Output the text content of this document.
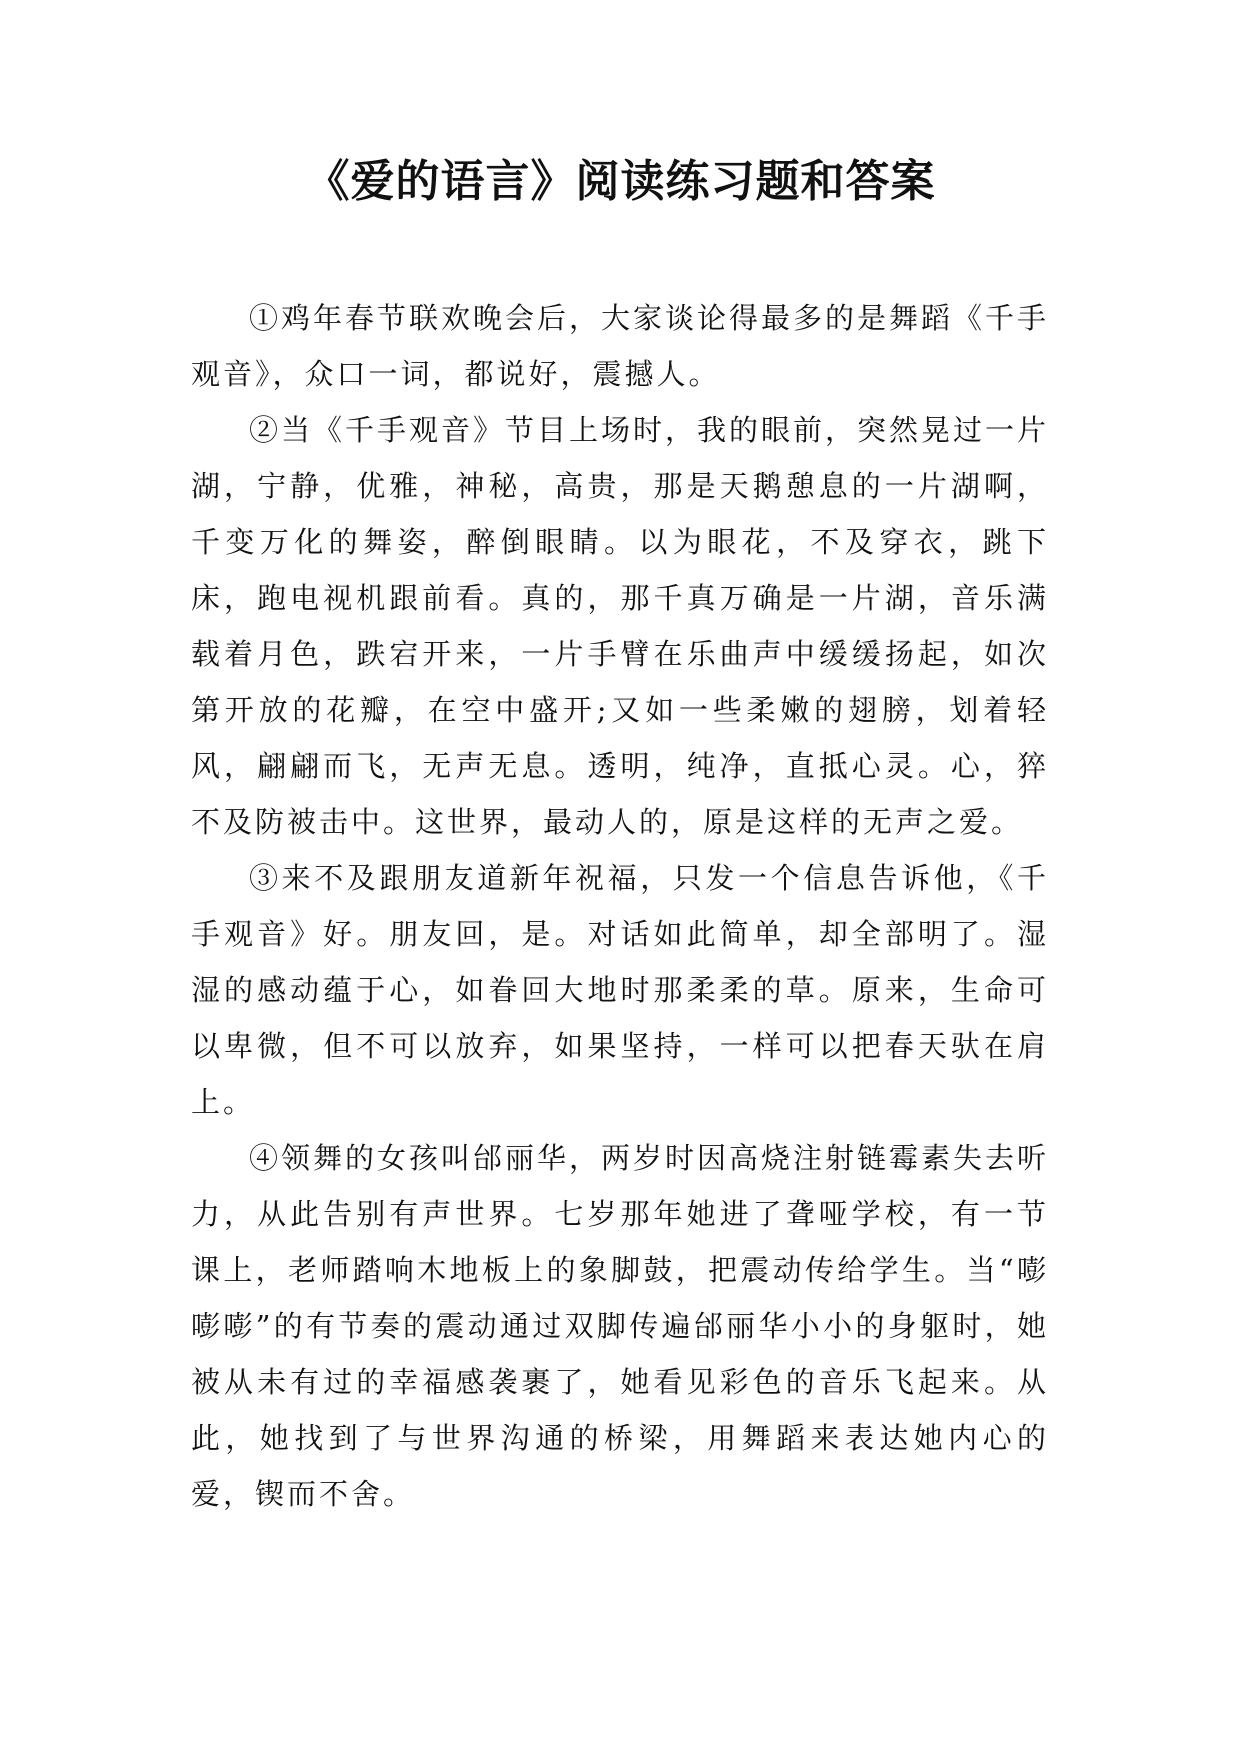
《爱的语言》阅读练习题和答案

①鸡年春节联欢晚会后，大家谈论得最多的是舞蹈《千手观音》，众口一词，都说好，震撼人。

②当《千手观音》节目上场时，我的眼前，突然晃过一片湖，宁静，优雅，神秘，高贵，那是天鹅憩息的一片湖啊，千变万化的舞姿，醉倒眼睛。以为眼花，不及穿衣，跳下床，跑电视机跟前看。真的，那千真万确是一片湖，音乐满载着月色，跌宕开来，一片手臂在乐曲声中缓缓扬起，如次第开放的花瓣，在空中盛开;又如一些柔嫩的翅膀，划着轻风，翩翩而飞，无声无息。透明，纯净，直抵心灵。心，猝不及防被击中。这世界，最动人的，原是这样的无声之爱。

③来不及跟朋友道新年祝福，只发一个信息告诉他，《千手观音》好。朋友回，是。对话如此简单，却全部明了。湿湿的感动蕴于心，如眷回大地时那柔柔的草。原来，生命可以卑微，但不可以放弃，如果坚持，一样可以把春天驮在肩上。

④领舞的女孩叫邰丽华，两岁时因高烧注射链霉素失去听力，从此告别有声世界。七岁那年她进了聋哑学校，有一节课上，老师踏响木地板上的象脚鼓，把震动传给学生。当“嘭嘭嘭”的有节奏的震动通过双脚传遍邰丽华小小的身躯时，她被从未有过的幸福感袭裹了，她看见彩色的音乐飞起来。从此，她找到了与世界沟通的桥梁，用舞蹈来表达她内心的爱，锲而不舍。
